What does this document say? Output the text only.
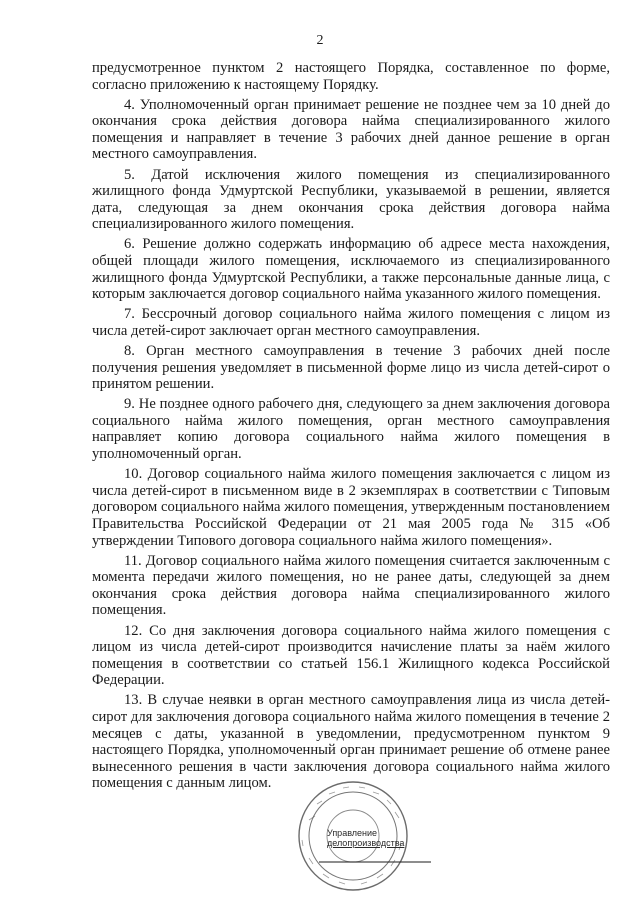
2

предусмотренное пунктом 2 настоящего Порядка, составленное по форме, согласно приложению к настоящему Порядку.

4. Уполномоченный орган принимает решение не позднее чем за 10 дней до окончания срока действия договора найма специализированного жилого помещения и направляет в течение 3 рабочих дней данное решение в орган местного самоуправления.

5. Датой исключения жилого помещения из специализированного жилищного фонда Удмуртской Республики, указываемой в решении, является дата, следующая за днем окончания срока действия договора найма специализированного жилого помещения.

6. Решение должно содержать информацию об адресе места нахождения, общей площади жилого помещения, исключаемого из специализированного жилищного фонда Удмуртской Республики, а также персональные данные лица, с которым заключается договор социального найма указанного жилого помещения.

7. Бессрочный договор социального найма жилого помещения с лицом из числа детей-сирот заключает орган местного самоуправления.

8. Орган местного самоуправления в течение 3 рабочих дней после получения решения уведомляет в письменной форме лицо из числа детей-сирот о принятом решении.

9. Не позднее одного рабочего дня, следующего за днем заключения договора социального найма жилого помещения, орган местного самоуправления направляет копию договора социального найма жилого помещения в уполномоченный орган.

10. Договор социального найма жилого помещения заключается с лицом из числа детей-сирот в письменном виде в 2 экземплярах в соответствии с Типовым договором социального найма жилого помещения, утвержденным постановлением Правительства Российской Федерации от 21 мая 2005 года № 315 «Об утверждении Типового договора социального найма жилого помещения».

11. Договор социального найма жилого помещения считается заключенным с момента передачи жилого помещения, но не ранее даты, следующей за днем окончания срока действия договора найма специализированного жилого помещения.

12. Со дня заключения договора социального найма жилого помещения с лицом из числа детей-сирот производится начисление платы за наём жилого помещения в соответствии со статьей 156.1 Жилищного кодекса Российской Федерации.

13. В случае неявки в орган местного самоуправления лица из числа детей-сирот для заключения договора социального найма жилого помещения в течение 2 месяцев с даты, указанной в уведомлении, предусмотренном пунктом 9 настоящего Порядка, уполномоченный орган принимает решение об отмене ранее вынесенного решения в части заключения договора социального найма жилого помещения с данным лицом.

Управление
делопроизводства
